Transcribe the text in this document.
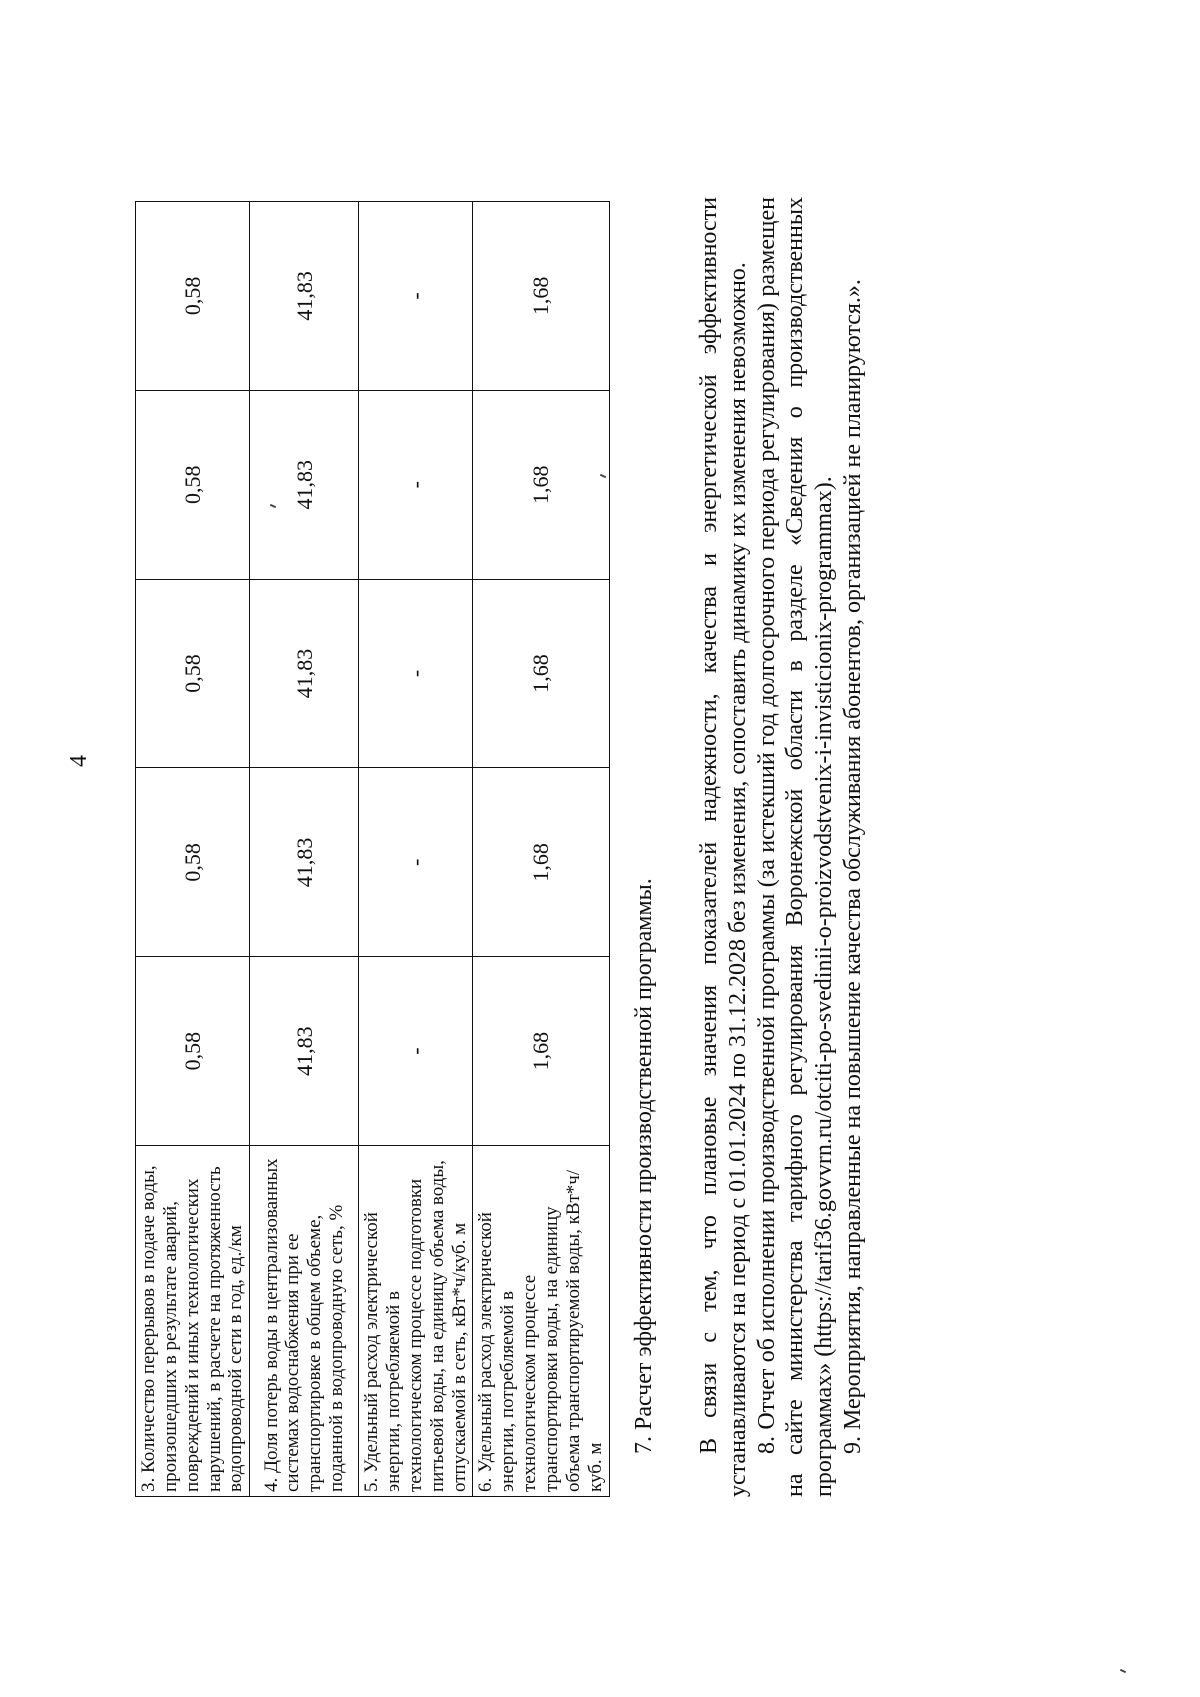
4
3. Количество перерывов в подаче воды, произошедших в результате аварий, повреждений и иных технологических нарушений, в расчете на протяженность водопроводной сети в год, ед./км	0,58	0,58	0,58	0,58	0,58
4. Доля потерь воды в централизованных системах водоснабжения при ее транспортировке в общем объеме, поданной в водопроводную сеть, %	41,83	41,83	41,83	41,83	41,83
5. Удельный расход электрической энергии, потребляемой в технологическом процессе подготовки питьевой воды, на единицу объема воды, отпускаемой в сеть, кВт*ч/куб. м	-	-	-	-	-
6. Удельный расход электрической энергии, потребляемой в технологическом процессе транспортировки воды, на единицу объема транспортируемой воды, кВт*ч/куб. м	1,68	1,68	1,68	1,68	1,68
7. Расчет эффективности производственной программы. В связи с тем, что плановые значения показателей надежности, качества и энергетической эффективности устанавливаются на период с 01.01.2024 по 31.12.2028 без изменения, сопоставить динамику их изменения невозможно. 8. Отчет об исполнении производственной программы (за истекший год долгосрочного периода регулирования) размещен на сайте министерства тарифного регулирования Воронежской области в разделе «Сведения о производственных программах» (https://tarif36.govvrn.ru/otciti-po-svedinii-o-proizvodstvenix-i-invisticionix-programmax). 9. Мероприятия, направленные на повышение качества обслуживания абонентов, организацией не планируются.».
